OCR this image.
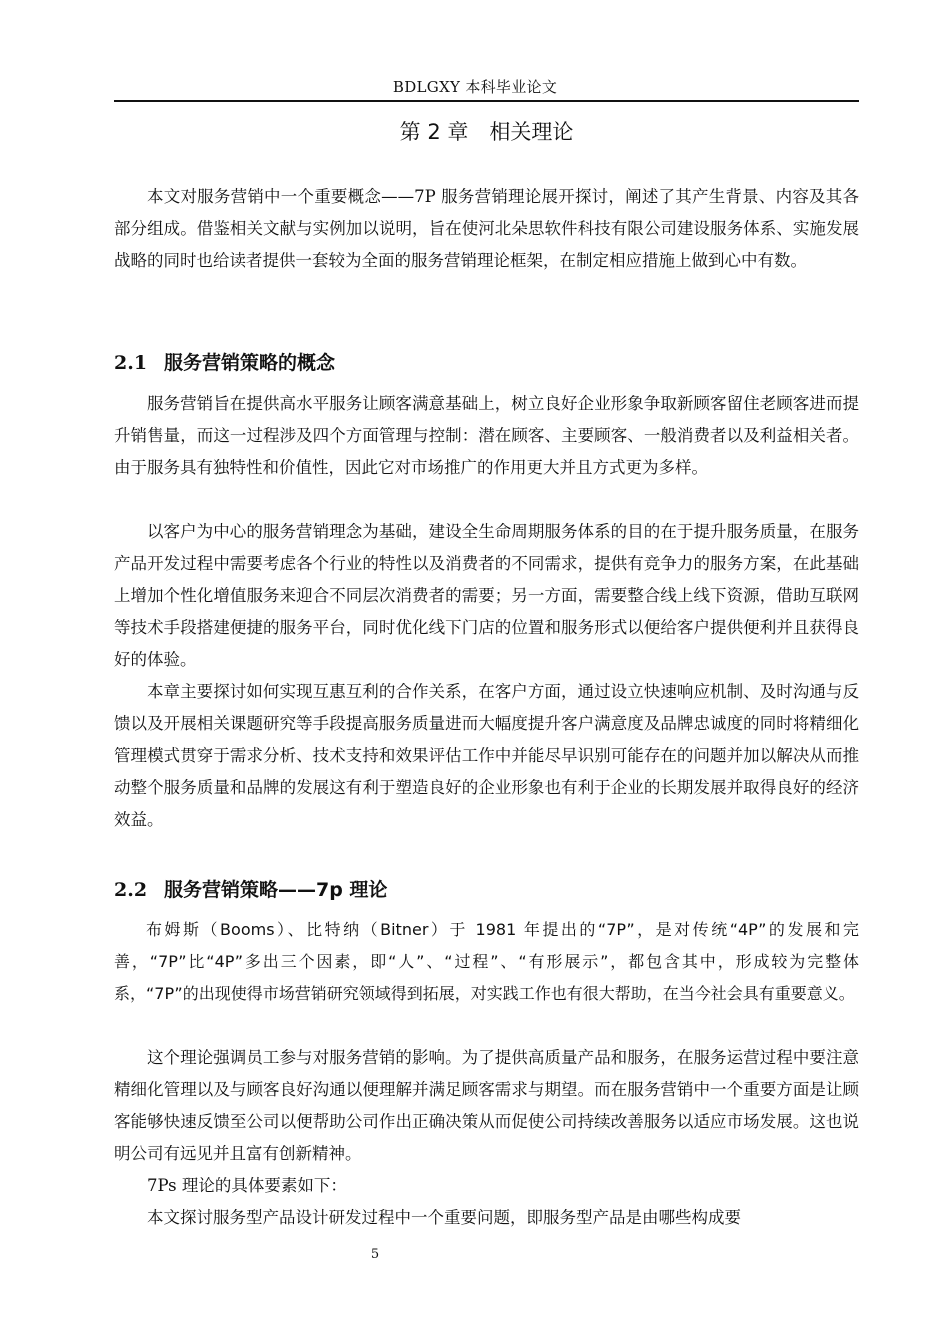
BDLGXY 本科毕业论文
第 2 章　相关理论

本文对服务营销中一个重要概念——7P 服务营销理论展开探讨，阐述了其产生背景、内容及其各部分组成。借鉴相关文献与实例加以说明，旨在使河北朵思软件科技有限公司建设服务体系、实施发展战略的同时也给读者提供一套较为全面的服务营销理论框架，在制定相应措施上做到心中有数。

2.1 服务营销策略的概念

服务营销旨在提供高水平服务让顾客满意基础上，树立良好企业形象争取新顾客留住老顾客进而提升销售量，而这一过程涉及四个方面管理与控制：潜在顾客、主要顾客、一般消费者以及利益相关者。由于服务具有独特性和价值性，因此它对市场推广的作用更大并且方式更为多样。

以客户为中心的服务营销理念为基础，建设全生命周期服务体系的目的在于提升服务质量，在服务产品开发过程中需要考虑各个行业的特性以及消费者的不同需求，提供有竞争力的服务方案，在此基础上增加个性化增值服务来迎合不同层次消费者的需要；另一方面，需要整合线上线下资源，借助互联网等技术手段搭建便捷的服务平台，同时优化线下门店的位置和服务形式以便给客户提供便利并且获得良好的体验。

本章主要探讨如何实现互惠互利的合作关系，在客户方面，通过设立快速响应机制、及时沟通与反馈以及开展相关课题研究等手段提高服务质量进而大幅度提升客户满意度及品牌忠诚度的同时将精细化管理模式贯穿于需求分析、技术支持和效果评估工作中并能尽早识别可能存在的问题并加以解决从而推动整个服务质量和品牌的发展这有利于塑造良好的企业形象也有利于企业的长期发展并取得良好的经济效益。

2.2 服务营销策略——7p 理论

布姆斯（Booms）、比特纳（Bitner）于 1981 年提出的“7P”，是对传统“4P”的发展和完善，“7P”比“4P”多出三个因素，即“人”、“过程”、“有形展示”，都包含其中，形成较为完整体系，“7P”的出现使得市场营销研究领域得到拓展，对实践工作也有很大帮助，在当今社会具有重要意义。

这个理论强调员工参与对服务营销的影响。为了提供高质量产品和服务，在服务运营过程中要注意精细化管理以及与顾客良好沟通以便理解并满足顾客需求与期望。而在服务营销中一个重要方面是让顾客能够快速反馈至公司以便帮助公司作出正确决策从而促使公司持续改善服务以适应市场发展。这也说明公司有远见并且富有创新精神。

7Ps 理论的具体要素如下：

本文探讨服务型产品设计研发过程中一个重要问题，即服务型产品是由哪些构成要

5
